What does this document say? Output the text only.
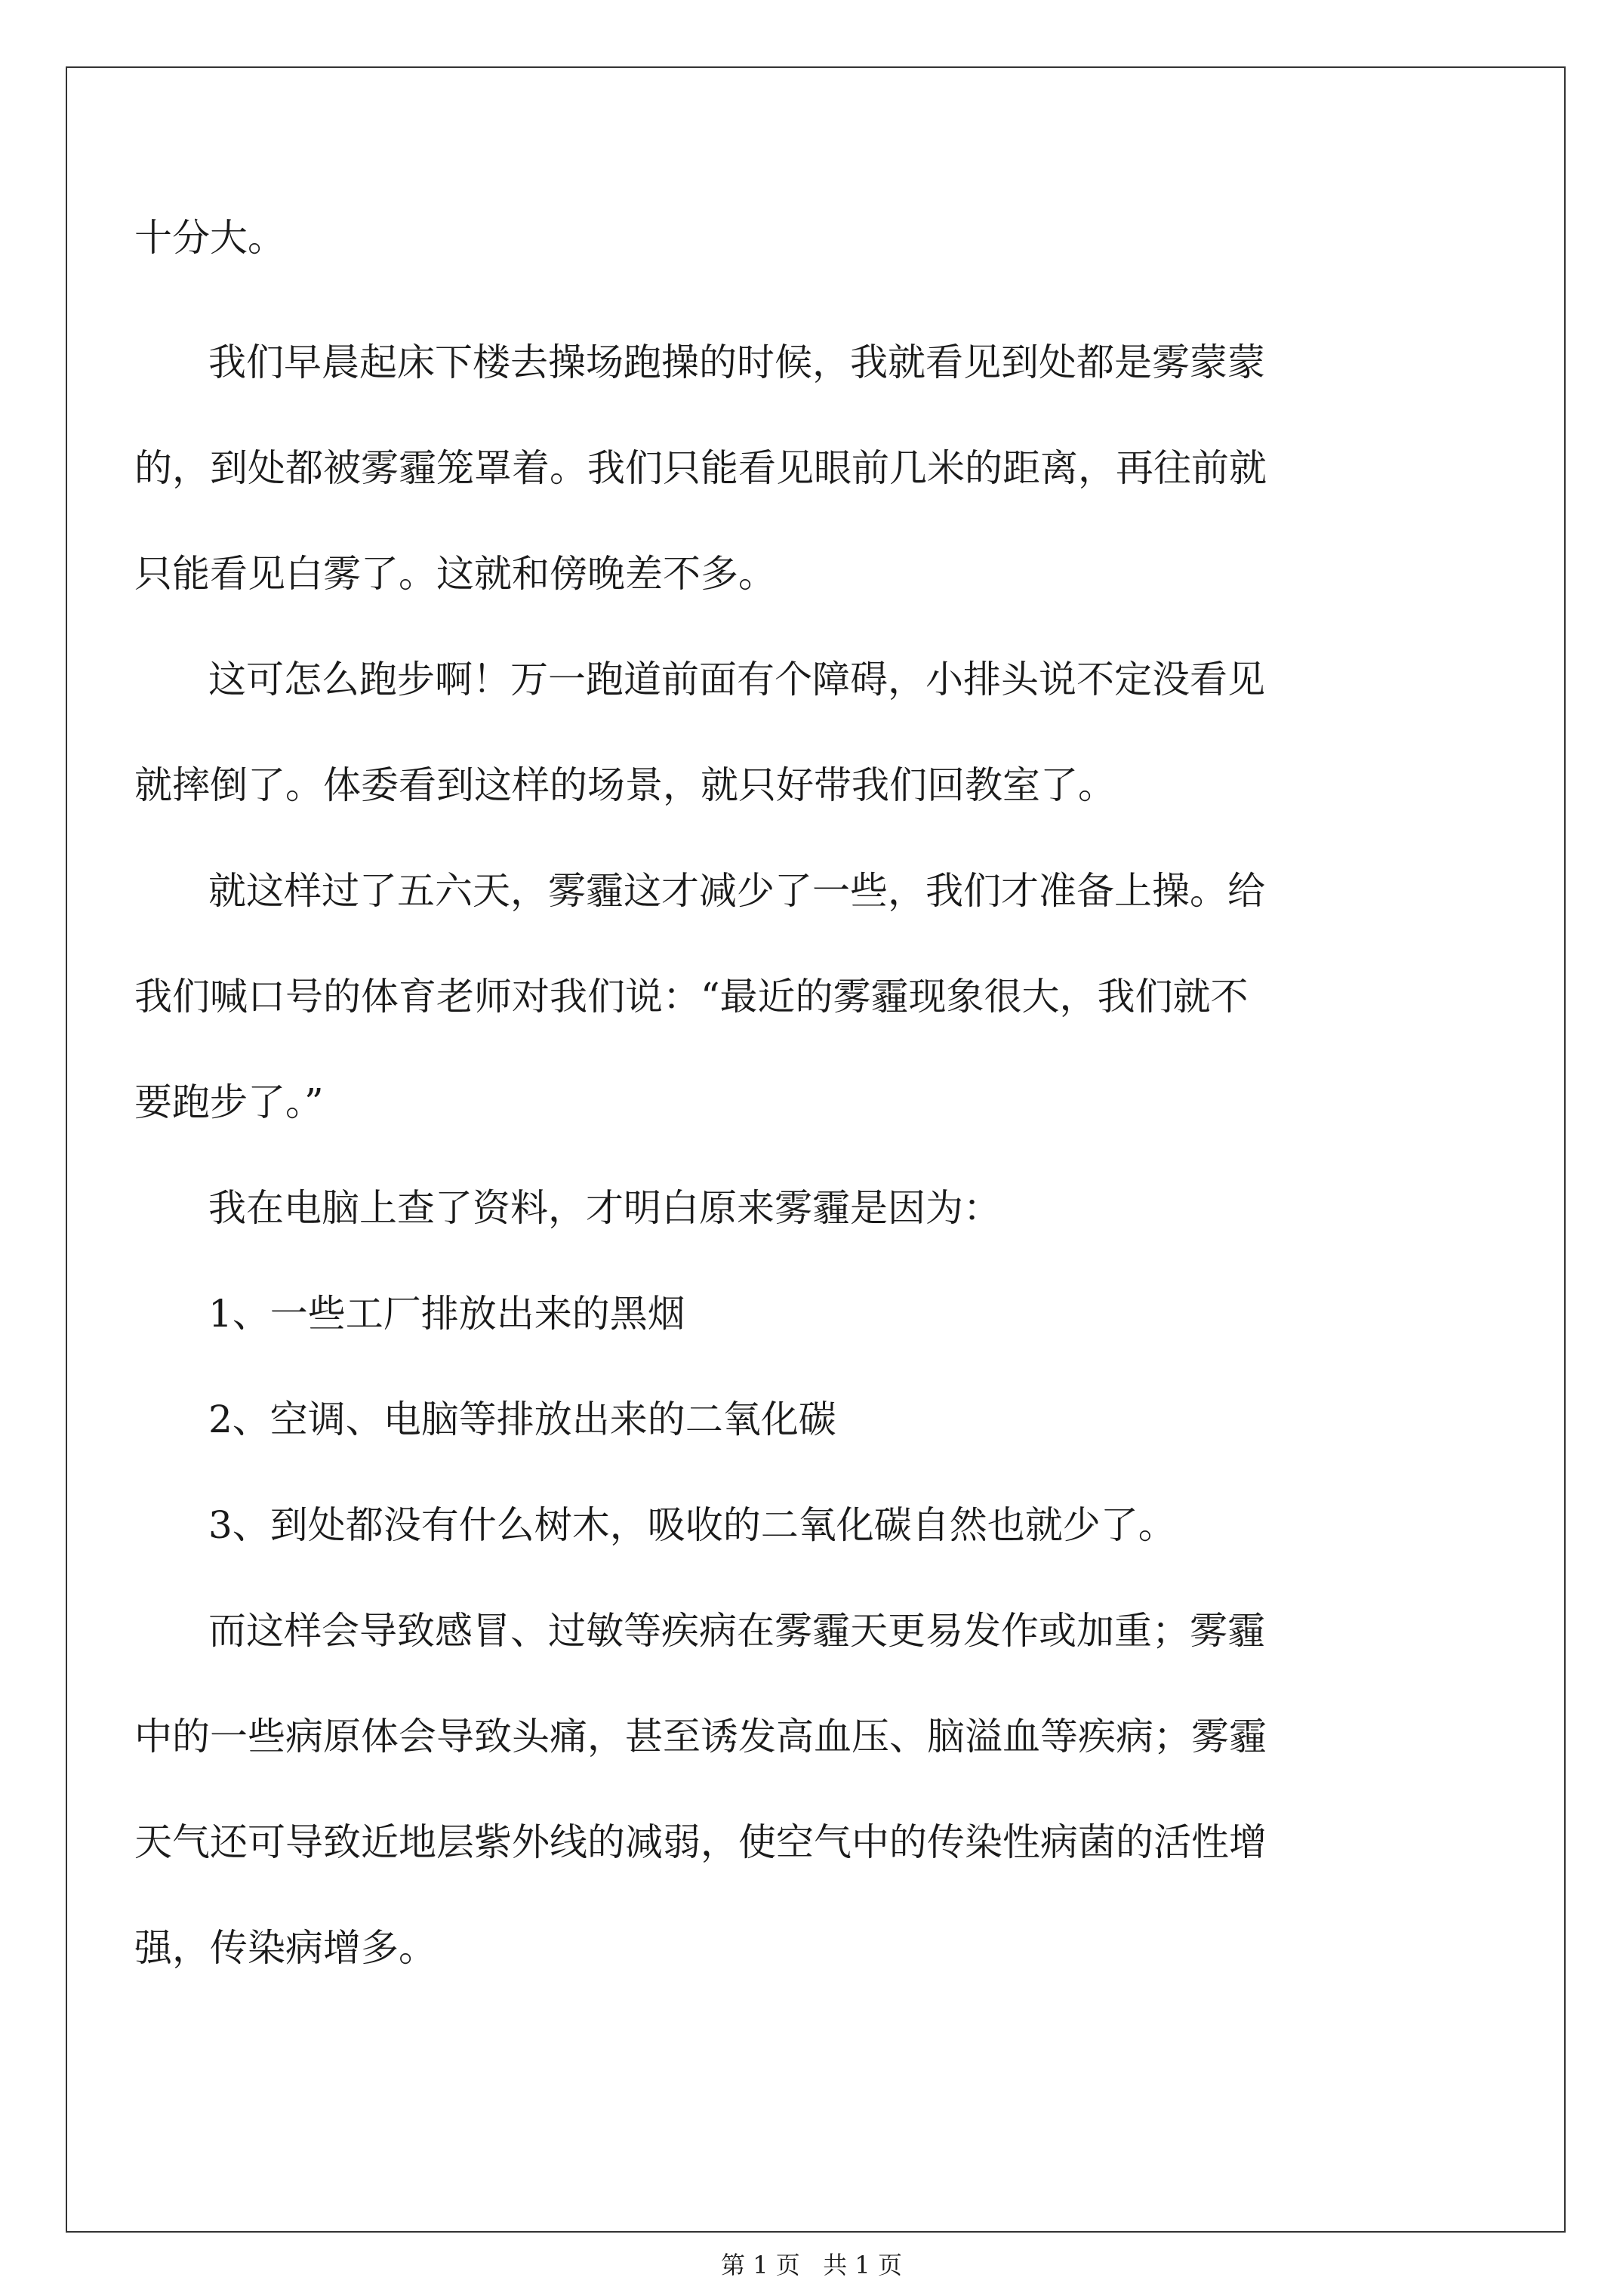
十分大。
我们早晨起床下楼去操场跑操的时候，我就看见到处都是雾蒙蒙
的，到处都被雾霾笼罩着。我们只能看见眼前几米的距离，再往前就
只能看见白雾了。这就和傍晚差不多。
这可怎么跑步啊！万一跑道前面有个障碍，小排头说不定没看见
就摔倒了。体委看到这样的场景，就只好带我们回教室了。
就这样过了五六天，雾霾这才减少了一些，我们才准备上操。给
我们喊口号的体育老师对我们说：“最近的雾霾现象很大，我们就不
要跑步了。”
我在电脑上查了资料，才明白原来雾霾是因为：
1、一些工厂排放出来的黑烟
2、空调、电脑等排放出来的二氧化碳
3、到处都没有什么树木，吸收的二氧化碳自然也就少了。
而这样会导致感冒、过敏等疾病在雾霾天更易发作或加重；雾霾
中的一些病原体会导致头痛，甚至诱发高血压、脑溢血等疾病；雾霾
天气还可导致近地层紫外线的减弱，使空气中的传染性病菌的活性增
强，传染病增多。
第 1 页   共 1 页
